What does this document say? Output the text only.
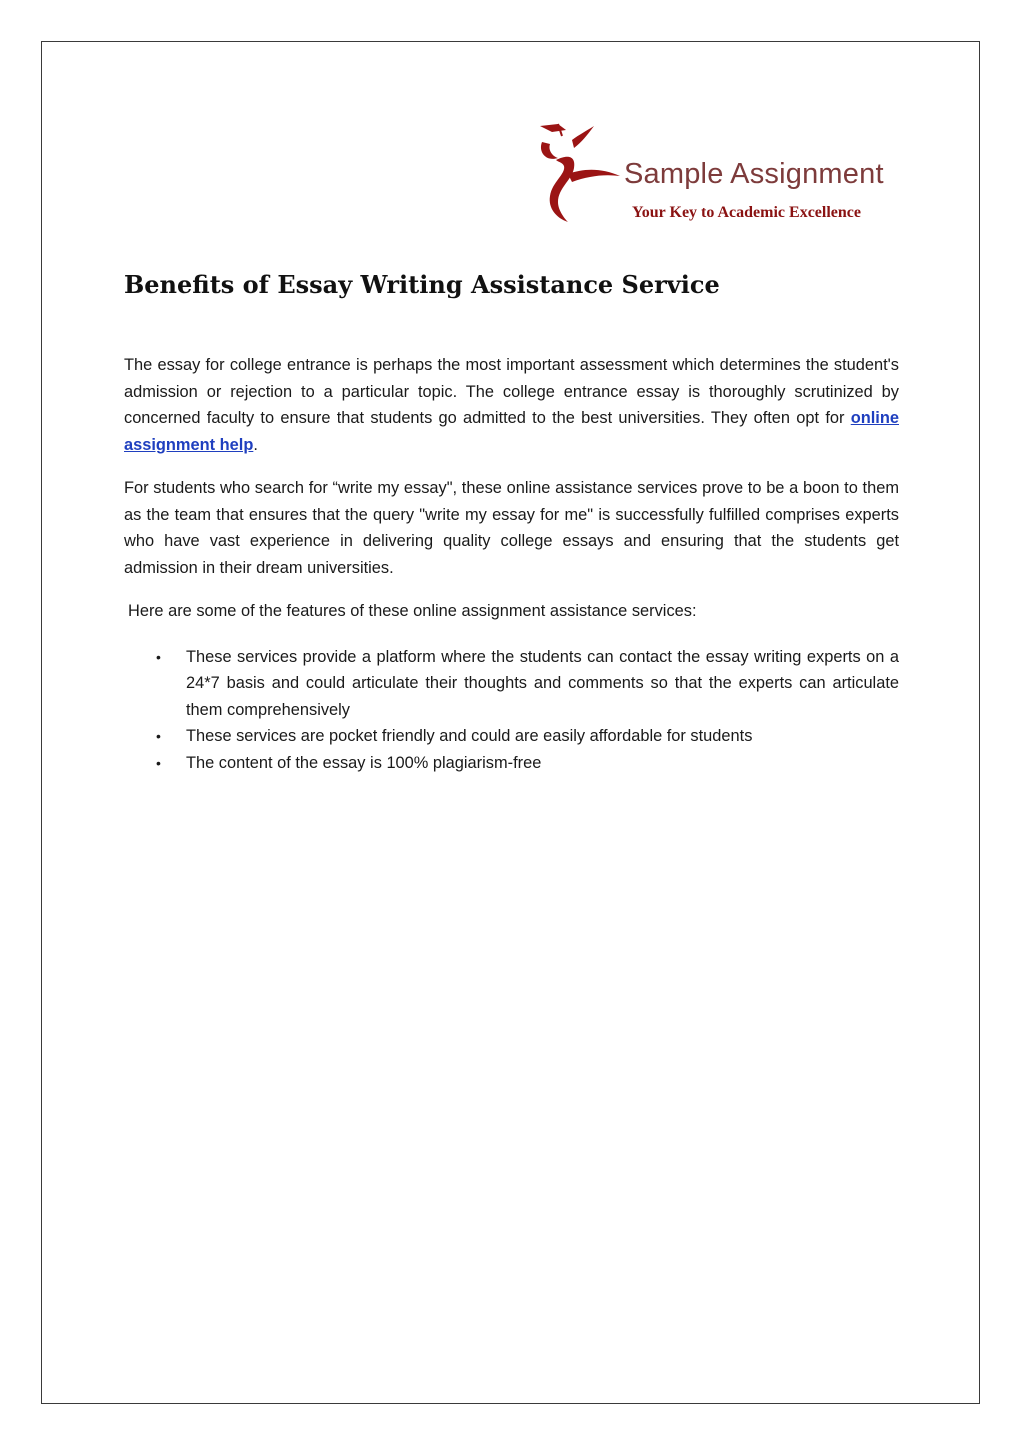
Sample Assignment
Your Key to Academic Excellence
Benefits of Essay Writing Assistance Service

The essay for college entrance is perhaps the most important assessment which determines the student's admission or rejection to a particular topic. The college entrance essay is thoroughly scrutinized by concerned faculty to ensure that students go admitted to the best universities. They often opt for online assignment help.

For students who search for “write my essay", these online assistance services prove to be a boon to them as the team that ensures that the query "write my essay for me" is successfully fulfilled comprises experts who have vast experience in delivering quality college essays and ensuring that the students get admission in their dream universities.

Here are some of the features of these online assignment assistance services:

• These services provide a platform where the students can contact the essay writing experts on a 24*7 basis and could articulate their thoughts and comments so that the experts can articulate them comprehensively
• These services are pocket friendly and could are easily affordable for students
• The content of the essay is 100% plagiarism-free
